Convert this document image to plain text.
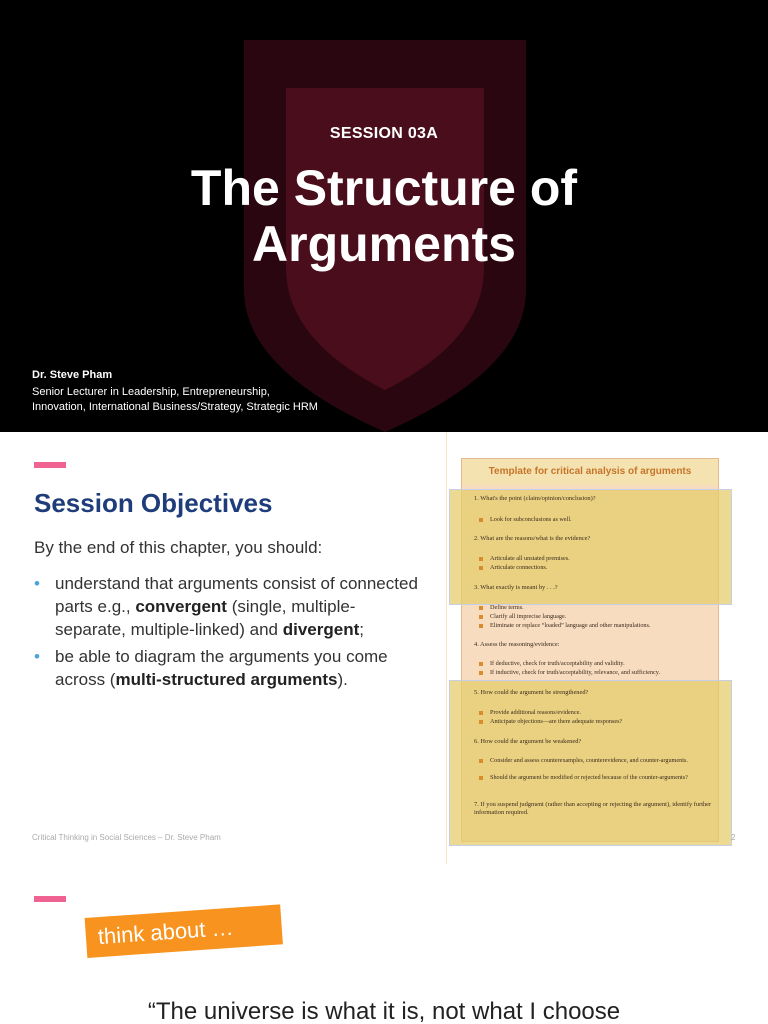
SESSION 03A
The Structure of
Arguments
Dr. Steve Pham
Senior Lecturer in Leadership, Entrepreneurship,
Innovation, International Business/Strategy, Strategic HRM
Session Objectives
By the end of this chapter, you should:
• understand that arguments consist of connected parts e.g., convergent (single, multiple-separate, multiple-linked) and divergent;
• be able to diagram the arguments you come across (multi-structured arguments).
Template for critical analysis of arguments
1. What's the point (claim/opinion/conclusion)?
Look for subconclusions as well.
2. What are the reasons/what is the evidence?
Articulate all unstated premises.
Articulate connections.
3. What exactly is meant by . . .?
Define terms.
Clarify all imprecise language.
Eliminate or replace “loaded” language and other manipulations.
4. Assess the reasoning/evidence:
If deductive, check for truth/acceptability and validity.
If inductive, check for truth/acceptability, relevance, and sufficiency.
5. How could the argument be strengthened?
Provide additional reasons/evidence.
Anticipate objections—are there adequate responses?
6. How could the argument be weakened?
Consider and assess counterexamples, counterevidence, and counter-arguments.
Should the argument be modified or rejected because of the counter-arguments?
7. If you suspend judgment (rather than accepting or rejecting the argument), identify further information required.
Critical Thinking in Social Sciences – Dr. Steve Pham	2
think about …
“The universe is what it is, not what I choose
